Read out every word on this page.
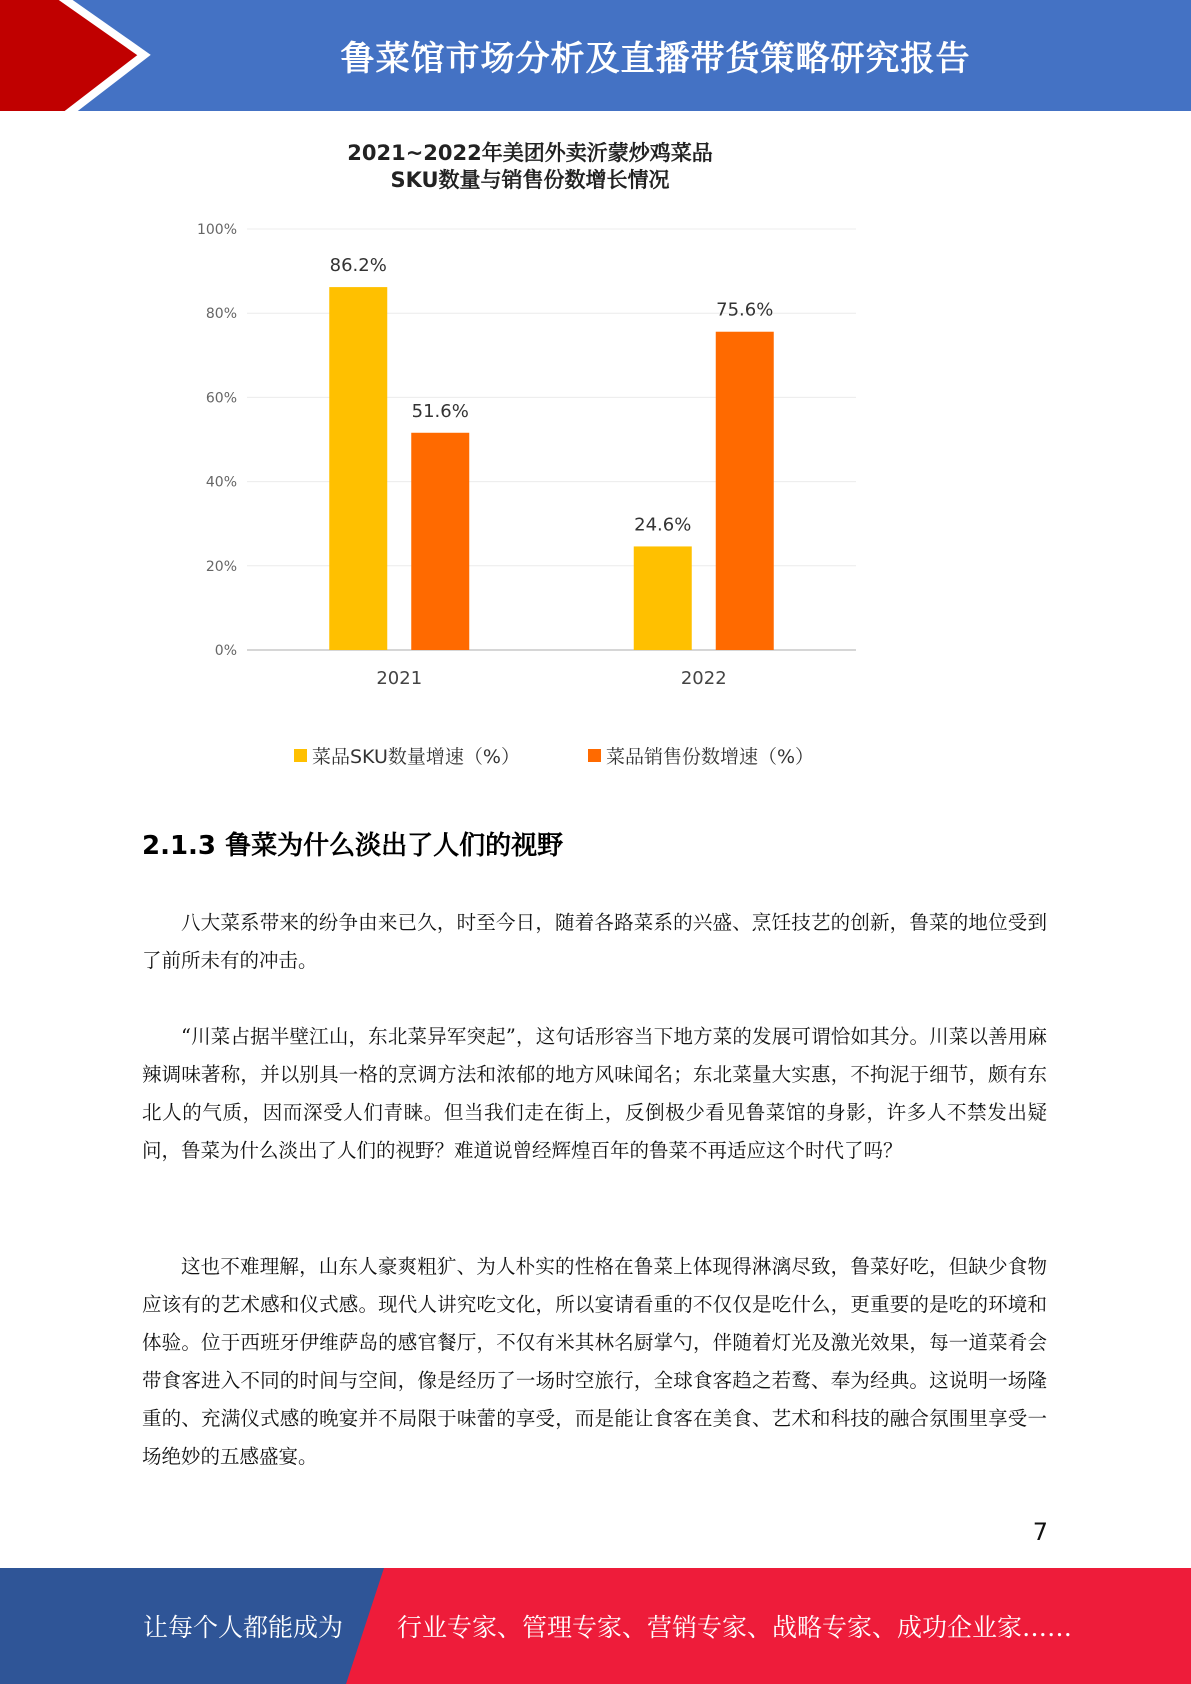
鲁菜馆市场分析及直播带货策略研究报告
2021~2022年美团外卖沂蒙炒鸡菜品
SKU数量与销售份数增长情况
100%
80%
60%
40%
20%
0%
86.2%
51.6%
2021
24.6%
75.6%
2022
菜品SKU数量增速（%）	菜品销售份数增速（%）
2.1.3 鲁菜为什么淡出了人们的视野

八大菜系带来的纷争由来已久，时至今日，随着各路菜系的兴盛、烹饪技艺的创新，鲁菜的地位受到了前所未有的冲击。

“川菜占据半壁江山，东北菜异军突起”，这句话形容当下地方菜的发展可谓恰如其分。川菜以善用麻辣调味著称，并以别具一格的烹调方法和浓郁的地方风味闻名；东北菜量大实惠，不拘泥于细节，颇有东北人的气质，因而深受人们青睐。但当我们走在街上，反倒极少看见鲁菜馆的身影，许多人不禁发出疑问，鲁菜为什么淡出了人们的视野？难道说曾经辉煌百年的鲁菜不再适应这个时代了吗？

这也不难理解，山东人豪爽粗犷、为人朴实的性格在鲁菜上体现得淋漓尽致，鲁菜好吃，但缺少食物应该有的艺术感和仪式感。现代人讲究吃文化，所以宴请看重的不仅仅是吃什么，更重要的是吃的环境和体验。位于西班牙伊维萨岛的感官餐厅，不仅有米其林名厨掌勺，伴随着灯光及激光效果，每一道菜肴会带食客进入不同的时间与空间，像是经历了一场时空旅行，全球食客趋之若鹜、奉为经典。这说明一场隆重的、充满仪式感的晚宴并不局限于味蕾的享受，而是能让食客在美食、艺术和科技的融合氛围里享受一场绝妙的五感盛宴。

7
让每个人都能成为 行业专家、管理专家、营销专家、战略专家、成功企业家……
